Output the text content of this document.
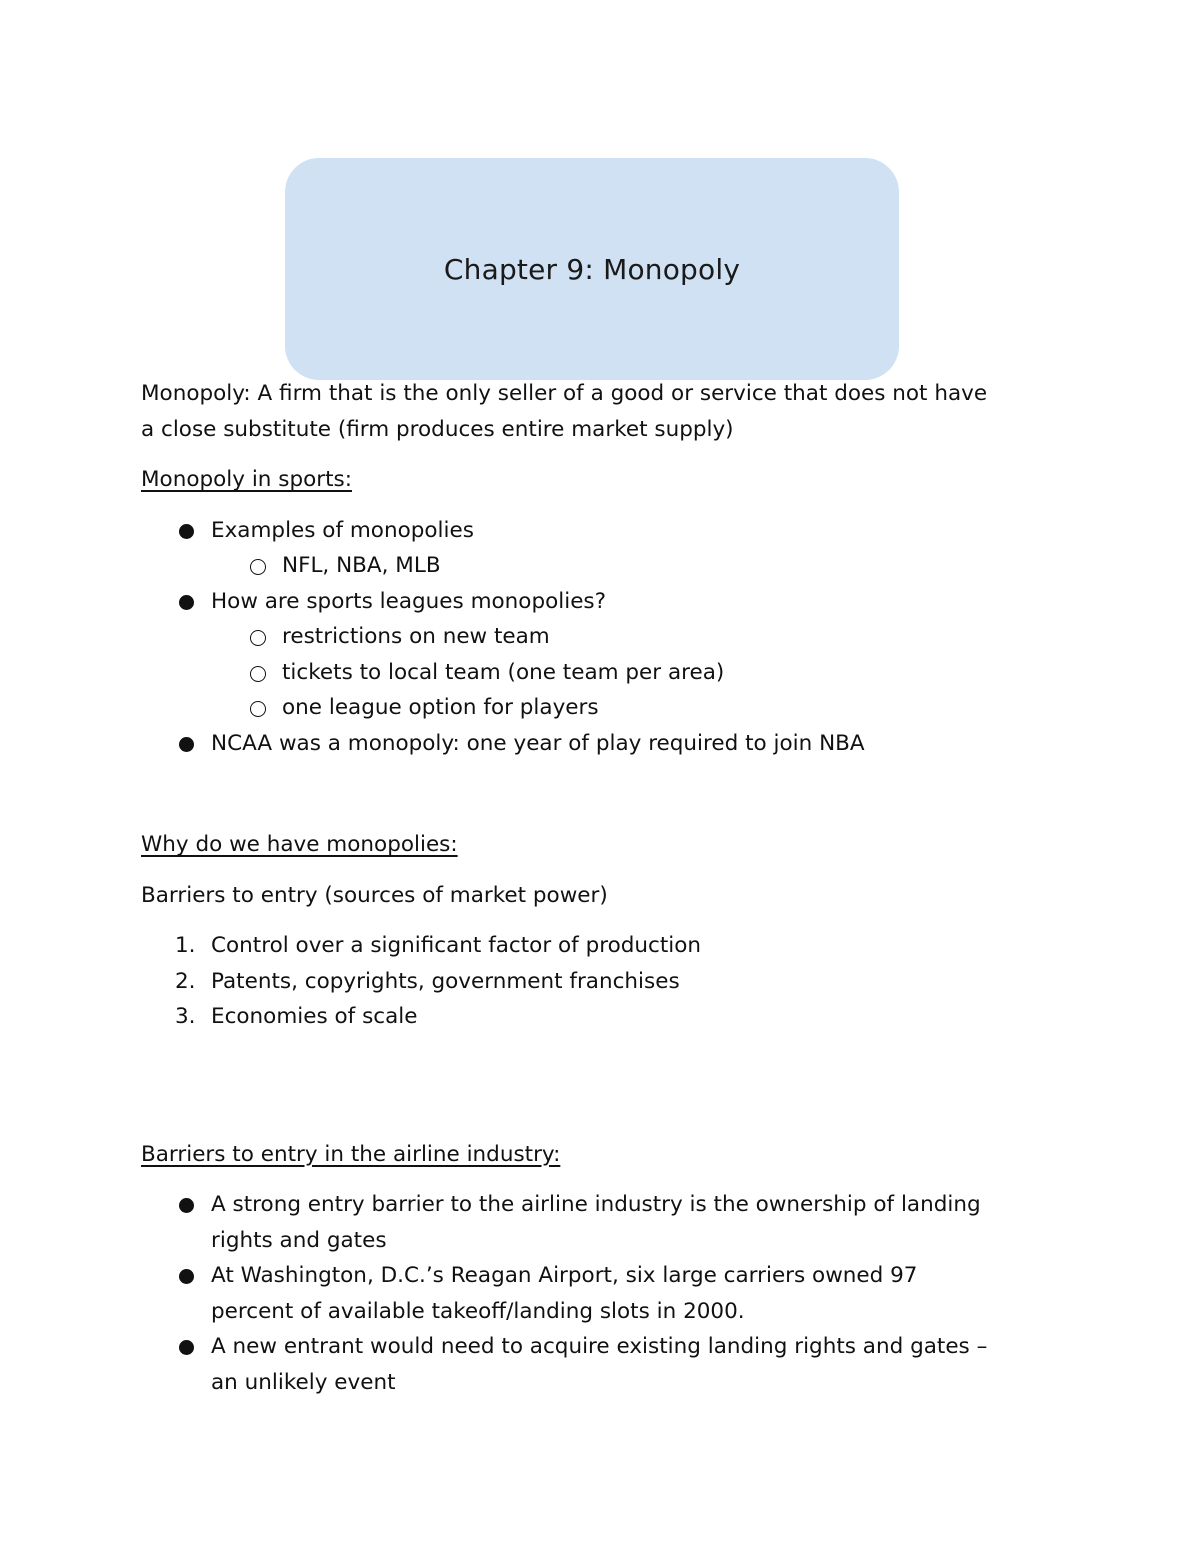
Chapter 9: Monopoly

Monopoly: A firm that is the only seller of a good or service that does not have
a close substitute (firm produces entire market supply)

Monopoly in sports:

Examples of monopolies
NFL, NBA, MLB
How are sports leagues monopolies?
restrictions on new team
tickets to local team (one team per area)
one league option for players
NCAA was a monopoly: one year of play required to join NBA

Why do we have monopolies:

Barriers to entry (sources of market power)

1. Control over a significant factor of production
2. Patents, copyrights, government franchises
3. Economies of scale

Barriers to entry in the airline industry:

A strong entry barrier to the airline industry is the ownership of landing
rights and gates
At Washington, D.C.’s Reagan Airport, six large carriers owned 97
percent of available takeoff/landing slots in 2000.
A new entrant would need to acquire existing landing rights and gates –
an unlikely event
